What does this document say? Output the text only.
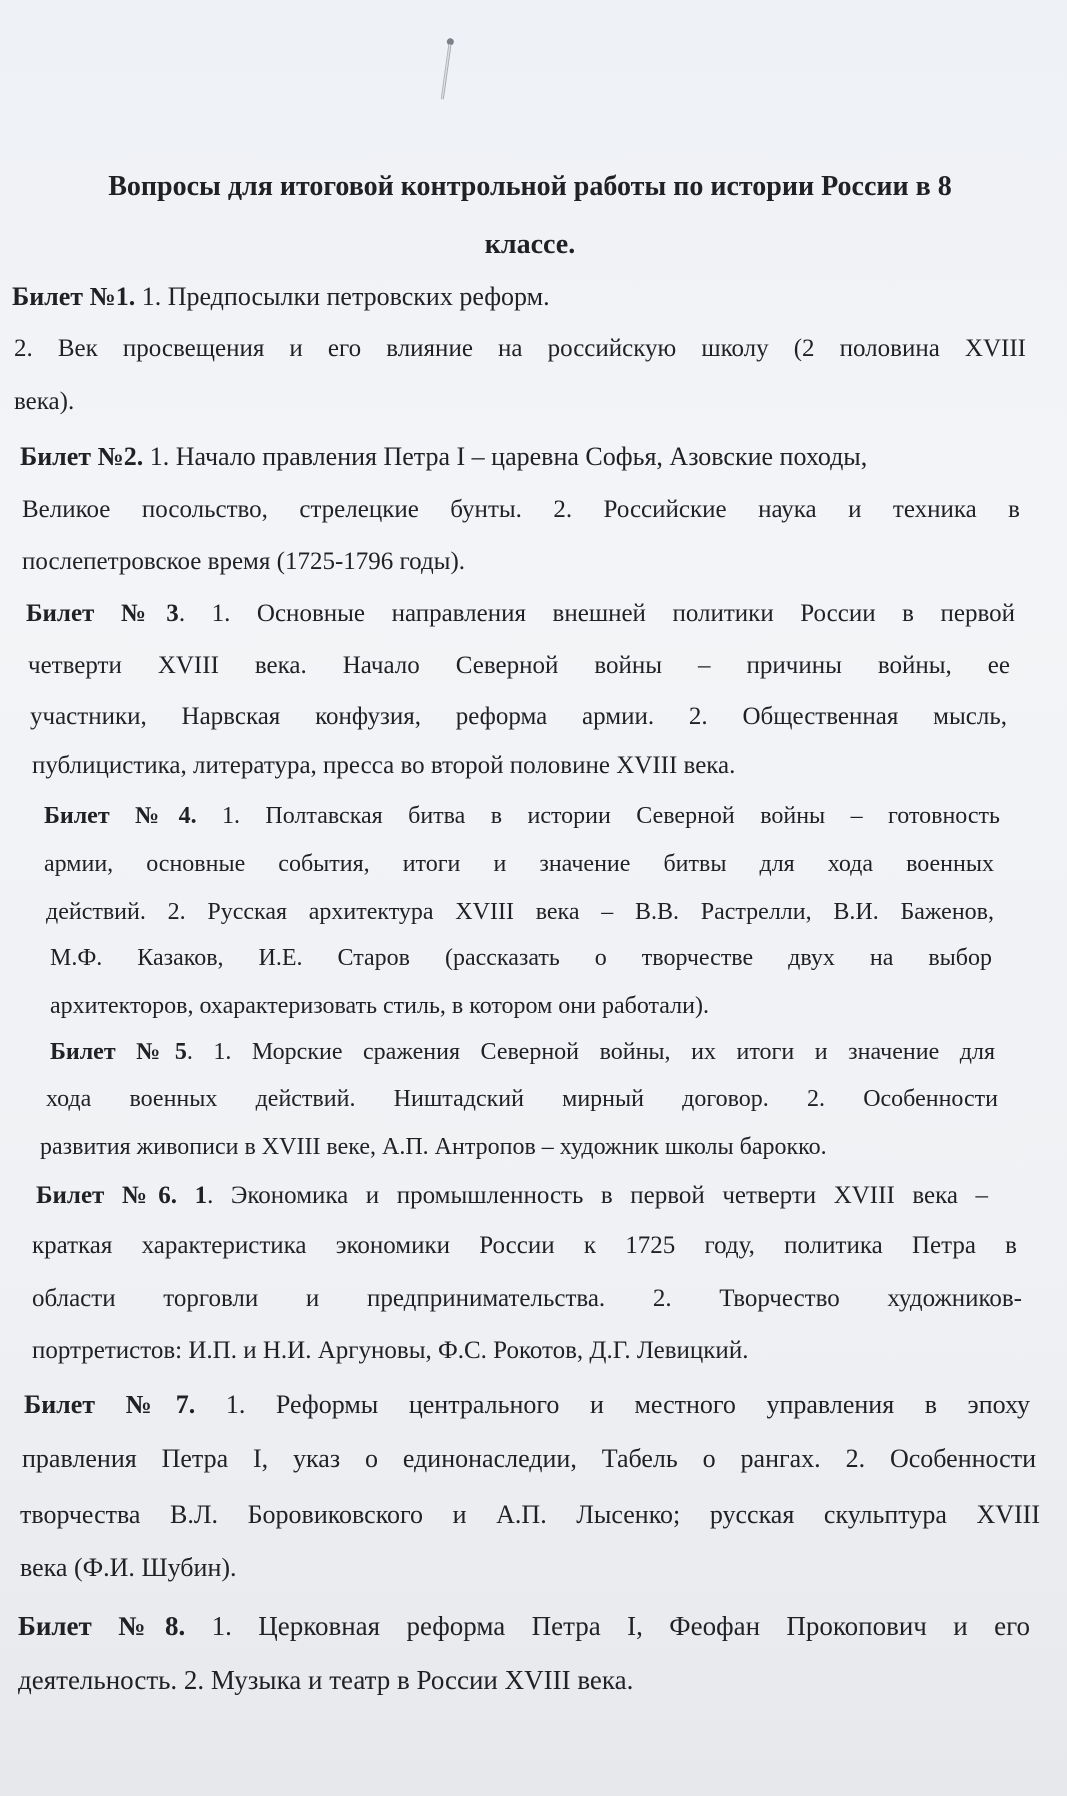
Вопросы для итоговой контрольной работы по истории России в 8
классе.
Билет №1. 1. Предпосылки петровских реформ.
2. Век просвещения и его влияние на российскую школу (2 половина XVIII
века).
Билет №2. 1. Начало правления Петра I – царевна Софья, Азовские походы,
Великое посольство, стрелецкие бунты. 2. Российские наука и техника в
послепетровское время (1725-1796 годы).
Билет №3. 1. Основные направления внешней политики России в первой
четверти XVIII века. Начало Северной войны – причины войны, ее
участники, Нарвская конфузия, реформа армии. 2. Общественная мысль,
публицистика, литература, пресса во второй половине XVIII века.
Билет №4. 1. Полтавская битва в истории Северной войны – готовность
армии, основные события, итоги и значение битвы для хода военных
действий. 2. Русская архитектура XVIII века – В.В. Растрелли, В.И. Баженов,
М.Ф. Казаков, И.Е. Старов (рассказать о творчестве двух на выбор
архитекторов, охарактеризовать стиль, в котором они работали).
Билет №5. 1. Морские сражения Северной войны, их итоги и значение для
хода военных действий. Ништадский мирный договор. 2. Особенности
развития живописи в XVIII веке, А.П. Антропов – художник школы барокко.
Билет №6. 1. Экономика и промышленность в первой четверти XVIII века –
краткая характеристика экономики России к 1725 году, политика Петра в
области торговли и предпринимательства. 2. Творчество художников-
портретистов: И.П. и Н.И. Аргуновы, Ф.С. Рокотов, Д.Г. Левицкий.
Билет №7. 1. Реформы центрального и местного управления в эпоху
правления Петра I, указ о единонаследии, Табель о рангах. 2. Особенности
творчества В.Л. Боровиковского и А.П. Лысенко; русская скульптура XVIII
века (Ф.И. Шубин).
Билет №8. 1. Церковная реформа Петра I, Феофан Прокопович и его
деятельность. 2. Музыка и театр в России XVIII века.
